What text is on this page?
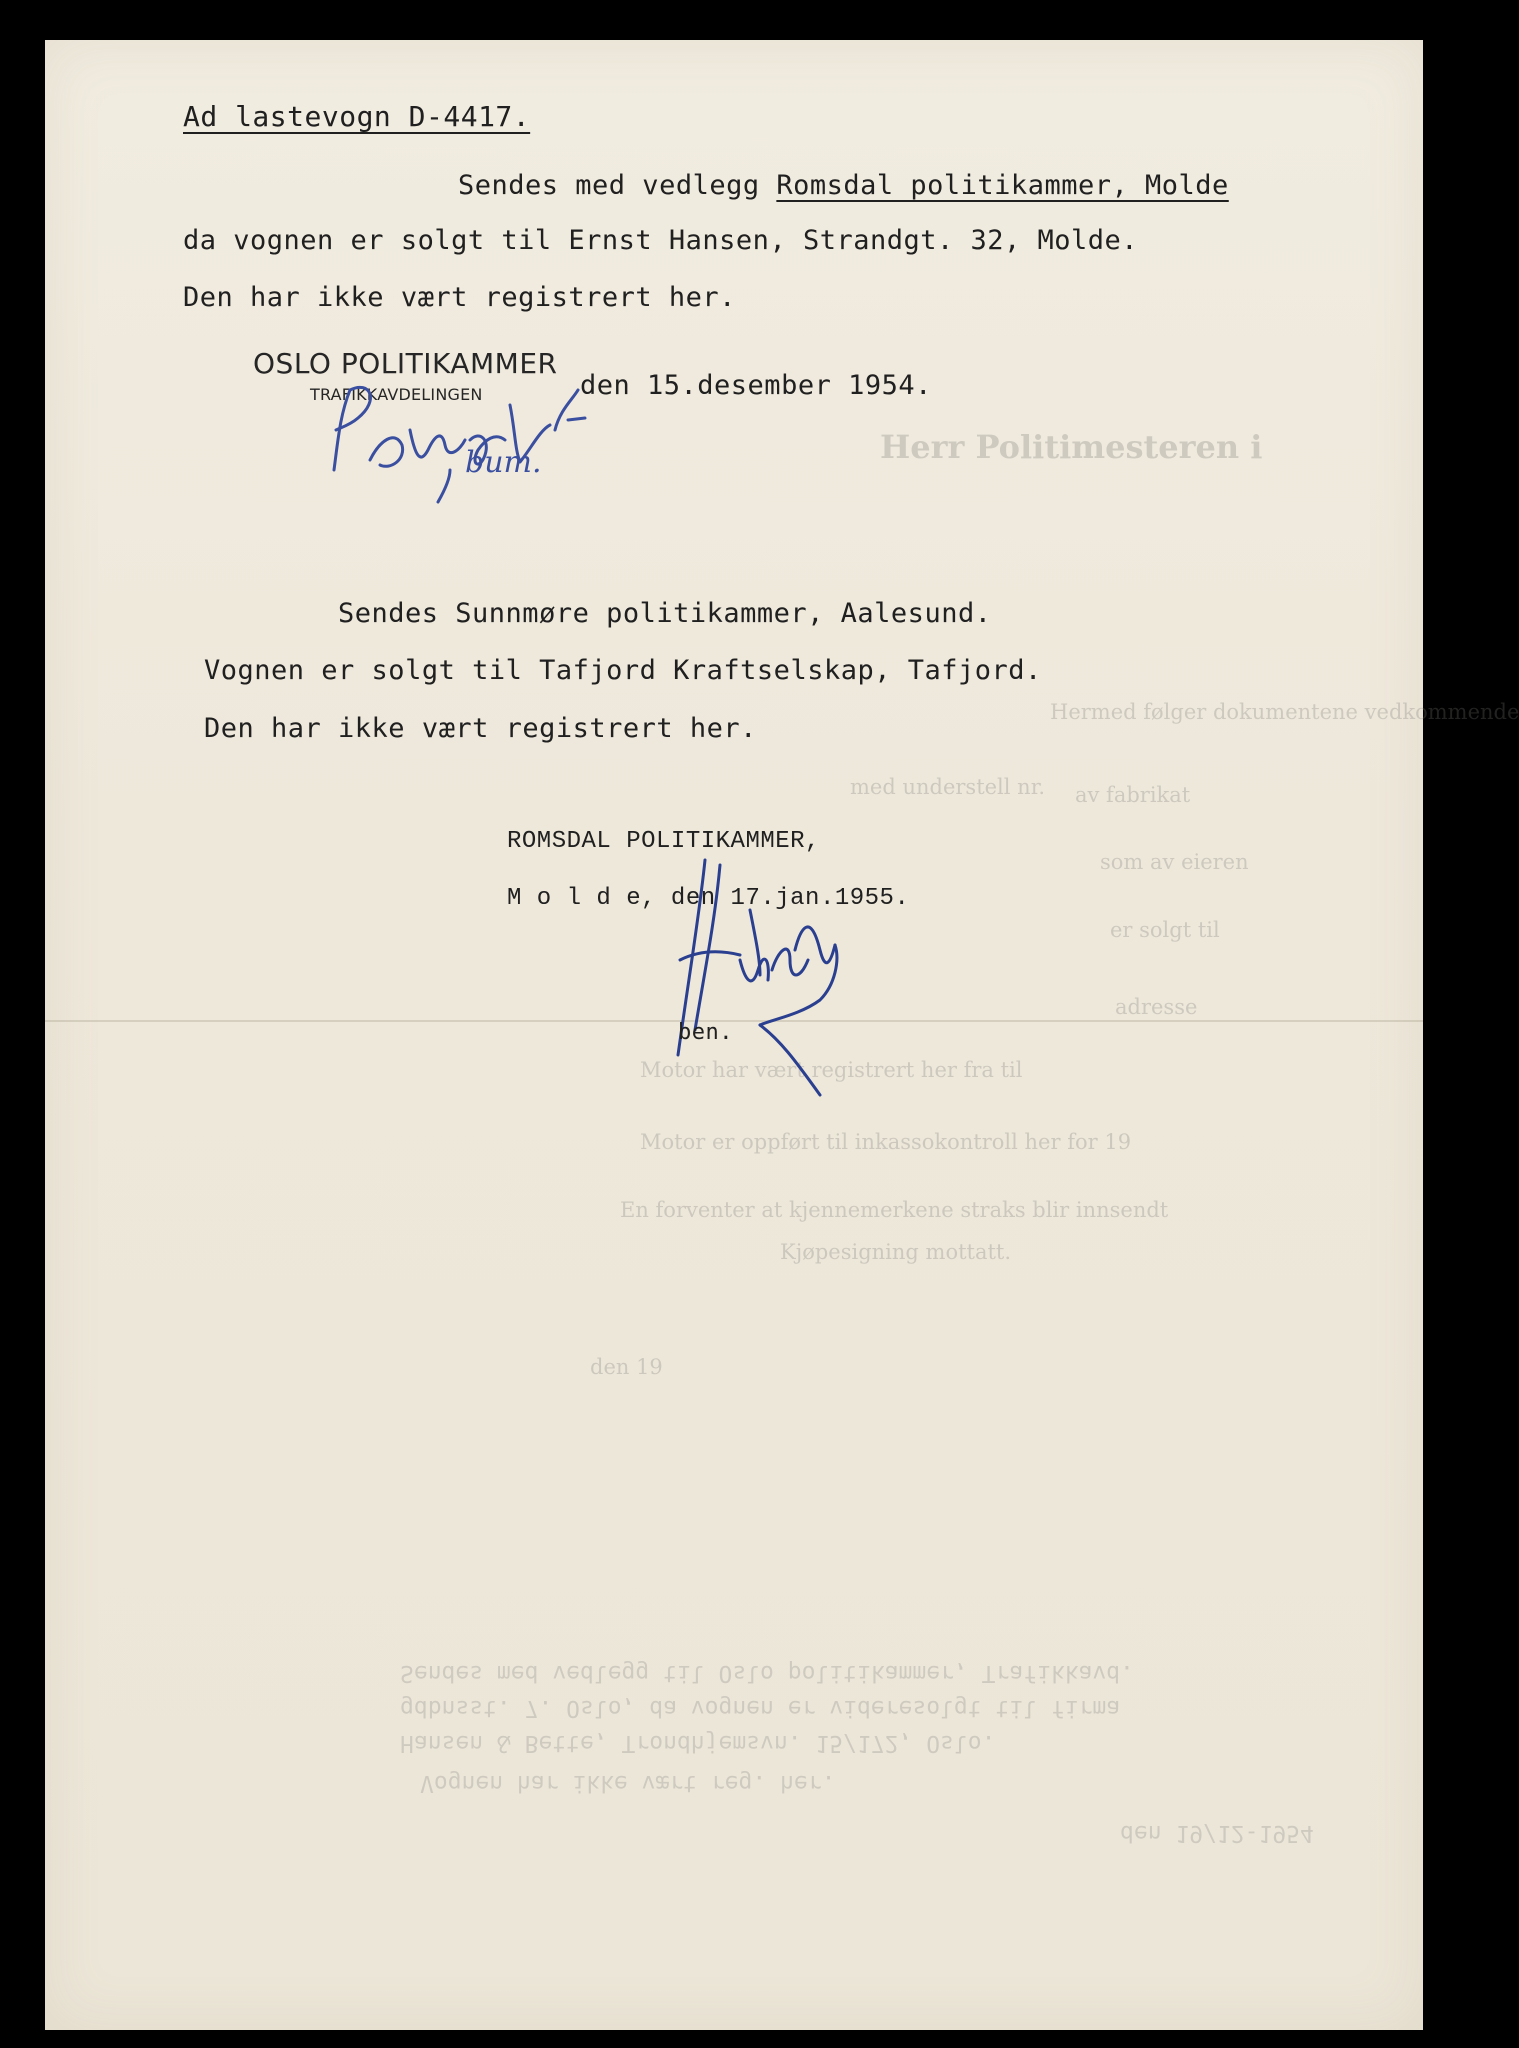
Herr Politimesteren i
Hermed følger dokumentene vedkommende
med understell nr. av fabrikat
som av eieren
er solgt til
adresse
Motor har vært registrert her fra til
Motor er oppført til inkassokontroll her for 19
En forventer at kjennemerkene straks blir innsendt
Kjøpesigning mottatt.
den 19
Sendes med vedlegg til Oslo politikammer, Trafikkavd.
gdbnsst. 7. Oslo, da vognen er videresolgt til firma
Hansen & Bette, Trondhjemsvn. 15/172, Oslo.
Vognen har ikke vært reg. her.
den 19/12-1954
Ad lastevogn D-4417.
Sendes med vedlegg Romsdal politikammer, Molde
da vognen er solgt til Ernst Hansen, Strandgt. 32, Molde.
Den har ikke vært registrert her.
OSLO POLITIKAMMER
TRAFIKKAVDELINGEN	den 15.desember 1954.
bum.
Sendes Sunnmøre politikammer, Aalesund.
Vognen er solgt til Tafjord Kraftselskap, Tafjord.
Den har ikke vært registrert her.
ROMSDAL POLITIKAMMER,
M o l d e, den 17.jan.1955.
ben.
